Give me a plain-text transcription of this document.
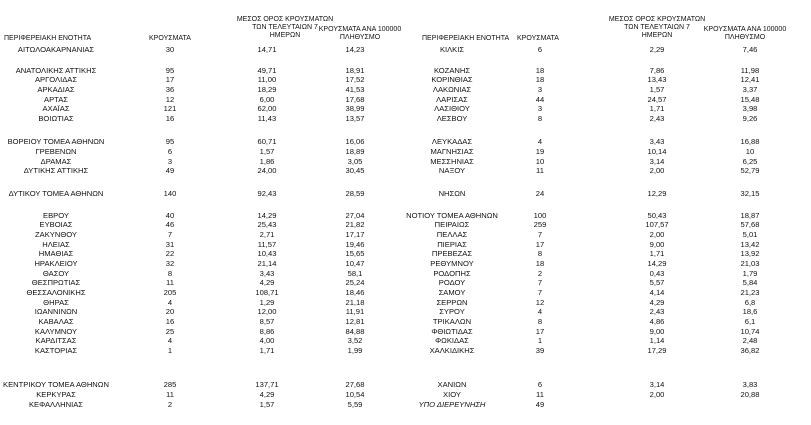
ΠΕΡΙΦΕΡΕΙΑΚΗ ΕΝΟΤΗΤΑ	ΚΡΟΥΣΜΑΤΑ
ΜΕΣΟΣ ΟΡΟΣ ΚΡΟΥΣΜΑΤΩΝ
ΤΩΝ ΤΕΛΕΥΤΑΙΩΝ 7
ΗΜΕΡΩΝ
ΚΡΟΥΣΜΑΤΑ ΑΝΑ 100000
ΠΛΗΘΥΣΜΟ	ΠΕΡΙΦΕΡΕΙΑΚΗ ΕΝΟΤΗΤΑ	ΚΡΟΥΣΜΑΤΑ
ΜΕΣΟΣ ΟΡΟΣ ΚΡΟΥΣΜΑΤΩΝ
ΤΩΝ ΤΕΛΕΥΤΑΙΩΝ 7
ΗΜΕΡΩΝ
ΚΡΟΥΣΜΑΤΑ ΑΝΑ 100000
ΠΛΗΘΥΣΜΟ
ΑΙΤΩΛΟΑΚΑΡΝΑΝΙΑΣ	30	14,71	14,23
ΑΝΑΤΟΛΙΚΗΣ ΑΤΤΙΚΗΣ	95	49,71	18,91
ΑΡΓΟΛΙΔΑΣ	17	11,00	17,52
ΑΡΚΑΔΙΑΣ	36	18,29	41,53
ΑΡΤΑΣ	12	6,00	17,68
ΑΧΑΪΑΣ	121	62,00	38,99
ΒΟΙΩΤΙΑΣ	16	11,43	13,57
ΒΟΡΕΙΟΥ ΤΟΜΕΑ ΑΘΗΝΩΝ	95	60,71	16,06
ΓΡΕΒΕΝΩΝ	6	1,57	18,89
ΔΡΑΜΑΣ	3	1,86	3,05
ΔΥΤΙΚΗΣ ΑΤΤΙΚΗΣ	49	24,00	30,45
ΔΥΤΙΚΟΥ ΤΟΜΕΑ ΑΘΗΝΩΝ	140	92,43	28,59
ΕΒΡΟΥ	40	14,29	27,04
ΕΥΒΟΙΑΣ	46	25,43	21,82
ΖΑΚΥΝΘΟΥ	7	2,71	17,17
ΗΛΕΙΑΣ	31	11,57	19,46
ΗΜΑΘΙΑΣ	22	10,43	15,65
ΗΡΑΚΛΕΙΟΥ	32	21,14	10,47
ΘΑΣΟΥ	8	3,43	58,1
ΘΕΣΠΡΩΤΙΑΣ	11	4,29	25,24
ΘΕΣΣΑΛΟΝΙΚΗΣ	205	108,71	18,46
ΘΗΡΑΣ	4	1,29	21,18
ΙΩΑΝΝΙΝΩΝ	20	12,00	11,91
ΚΑΒΑΛΑΣ	16	8,57	12,81
ΚΑΛΥΜΝΟΥ	25	8,86	84,88
ΚΑΡΔΙΤΣΑΣ	4	4,00	3,52
ΚΑΣΤΟΡΙΑΣ	1	1,71	1,99
ΚΕΝΤΡΙΚΟΥ ΤΟΜΕΑ ΑΘΗΝΩΝ	285	137,71	27,68
ΚΕΡΚΥΡΑΣ	11	4,29	10,54
ΚΕΦΑΛΛΗΝΙΑΣ	2	1,57	5,59
ΚΙΛΚΙΣ	6	2,29	7,46
ΚΟΖΑΝΗΣ	18	7,86	11,98
ΚΟΡΙΝΘΙΑΣ	18	13,43	12,41
ΛΑΚΩΝΙΑΣ	3	1,57	3,37
ΛΑΡΙΣΑΣ	44	24,57	15,48
ΛΑΣΙΘΙΟΥ	3	1,71	3,98
ΛΕΣΒΟΥ	8	2,43	9,26
ΛΕΥΚΑΔΑΣ	4	3,43	16,88
ΜΑΓΝΗΣΙΑΣ	19	10,14	10
ΜΕΣΣΗΝΙΑΣ	10	3,14	6,25
ΝΑΞΟΥ	11	2,00	52,79
ΝΗΣΩΝ	24	12,29	32,15
ΝΟΤΙΟΥ ΤΟΜΕΑ ΑΘΗΝΩΝ	100	50,43	18,87
ΠΕΙΡΑΙΩΣ	259	107,57	57,68
ΠΕΛΛΑΣ	7	2,00	5,01
ΠΙΕΡΙΑΣ	17	9,00	13,42
ΠΡΕΒΕΖΑΣ	8	1,71	13,92
ΡΕΘΥΜΝΟΥ	18	14,29	21,03
ΡΟΔΟΠΗΣ	2	0,43	1,79
ΡΟΔΟΥ	7	5,57	5,84
ΣΑΜΟΥ	7	4,14	21,23
ΣΕΡΡΩΝ	12	4,29	6,8
ΣΥΡΟΥ	4	2,43	18,6
ΤΡΙΚΑΛΩΝ	8	4,86	6,1
ΦΘΙΩΤΙΔΑΣ	17	9,00	10,74
ΦΩΚΙΔΑΣ	1	1,14	2,48
ΧΑΛΚΙΔΙΚΗΣ	39	17,29	36,82
ΧΑΝΙΩΝ	6	3,14	3,83
ΧΙΟΥ	11	2,00	20,88
ΥΠΟ ΔΙΕΡΕΥΝΗΣΗ	49
